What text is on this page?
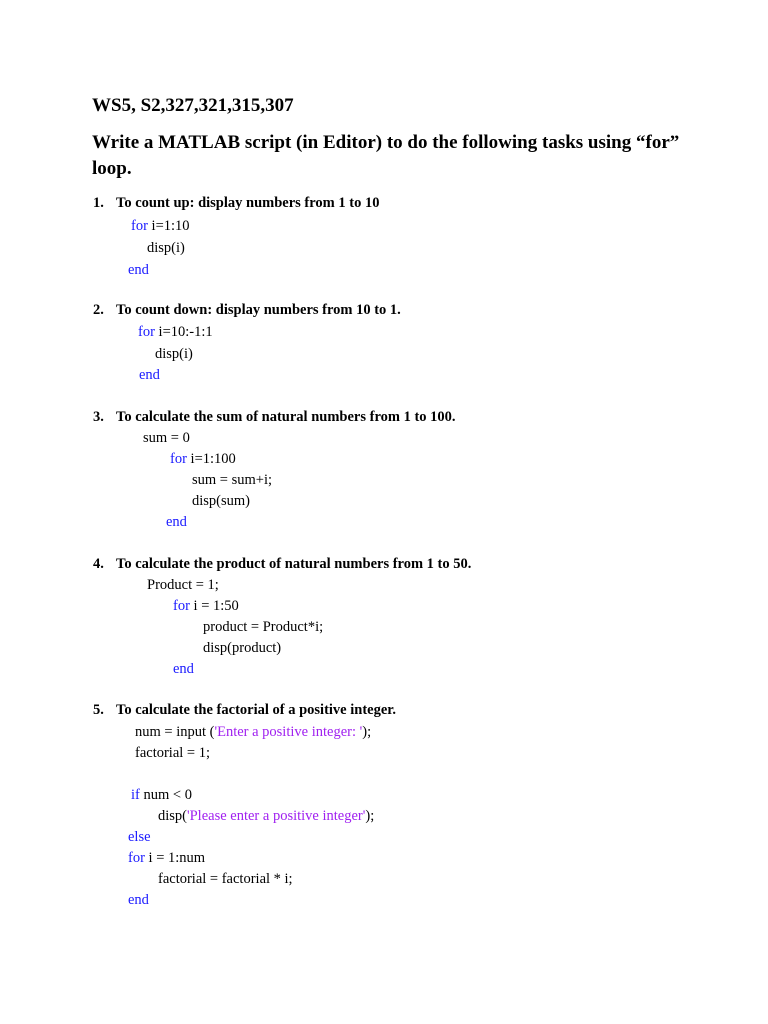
WS5, S2,327,321,315,307
Write a MATLAB script (in Editor) to do the following tasks using “for”
loop.
1. To count up: display numbers from 1 to 10
for i=1:10
disp(i)
end
2. To count down: display numbers from 10 to 1.
for i=10:-1:1
disp(i)
end
3. To calculate the sum of natural numbers from 1 to 100.
sum = 0
for i=1:100
sum = sum+i;
disp(sum)
end
4. To calculate the product of natural numbers from 1 to 50.
Product = 1;
for i = 1:50
product = Product*i;
disp(product)
end
5. To calculate the factorial of a positive integer.
num = input ('Enter a positive integer: ');
factorial = 1;
if num < 0
disp('Please enter a positive integer');
else
for i = 1:num
factorial = factorial * i;
end
